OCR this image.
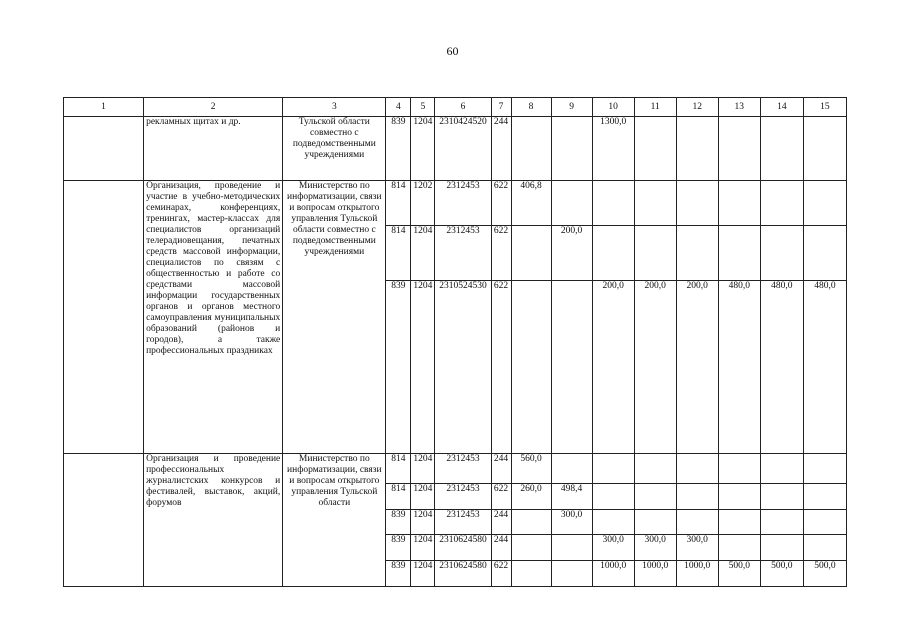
60
1	2	3	4	5	6	7	8	9	10	11	12	13	14	15
	рекламных щитах и др.	Тульской области совместно с подведомственными учреждениями	839	1204	2310424520	244			1300,0					
	Организация, проведение и участие в учебно-методических семинарах, конференциях, тренингах, мастер-классах для специалистов организаций телерадиовещания, печатных средств массовой информации, специалистов по связям с общественностью и работе со средствами массовой информации государственных органов и органов местного самоуправления муниципальных образований (районов и городов), а также профессиональных праздниках	Министерство по информатизации, связи и вопросам открытого управления Тульской области совместно с подведомственными учреждениями	814	1202	2312453	622	406,8							
			814	1204	2312453	622		200,0						
			839	1204	2310524530	622			200,0	200,0	200,0	480,0	480,0	480,0
	Организация и проведение профессиональных журналистских конкурсов и фестивалей, выставок, акций, форумов	Министерство по информатизации, связи и вопросам открытого управления Тульской области	814	1204	2312453	244	560,0							
			814	1204	2312453	622	260,0	498,4						
			839	1204	2312453	244		300,0						
			839	1204	2310624580	244			300,0	300,0	300,0			
			839	1204	2310624580	622			1000,0	1000,0	1000,0	500,0	500,0	500,0
